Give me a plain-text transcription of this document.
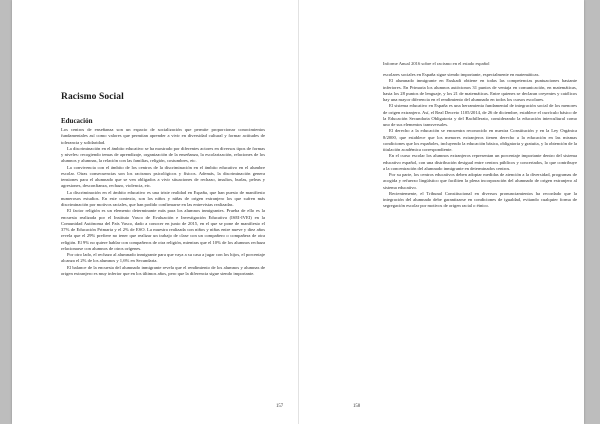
Racismo Social
Educación

Los centros de enseñanza son un espacio de socialización que permite proporcionar conocimientos fundamentales así como valores que permitan aprender a vivir en diversidad cultural y formar actitudes de tolerancia y solidaridad.

La discriminación en el ámbito educativo se ha mostrado por diferentes actores en diversos tipos de formas y niveles: recogiendo temas de aprendizaje, organización de la enseñanza, la escolarización, relaciones de los alumnos y alumnas, la relación con las familias, religión, costumbres, etc.

La convivencia con el ámbito de los centros de la discriminación en el ámbito educativo en el alumbre escolar. Otras consecuencias son los racismos psicológicos y físicos. Además, la discriminación genera tensiones para el alumnado que se ven obligados a vivir situaciones de rechazo, insultos, burlas, peleas y agresiones, desconfianza, rechazo, violencia, etc.

La discriminación en el ámbito educativo es una triste realidad en España, que han puesto de manifiesto numerosos estudios. En este contexto, son los niños y niñas de origen extranjero los que sufren más discriminación por motivos raciales, que han podido confirmarse en las entrevistas realizadas.

El factor religión es un elemento determinante más para los alumnos inmigrantes. Prueba de ello es la encuesta realizada por el Instituto Vasco de Evaluación e Investigación Educativa (ISEI-IVEI) en la Comunidad Autónoma del País Vasco, dado a conocer en junio de 2015, en el que se pone de manifiesto el 37% de Educación Primaria y el 2% de ESO. La muestra realizada con niños y niñas entre nueve y diez años revela que el 29% prefiere no tener que realizar un trabajo de clase con un compañero o compañera de otra religión. El 9% no quiere hablar con compañeros de otra religión, mientras que el 10% de los alumnos rechaza relacionarse con alumnos de otros orígenes.

Por otro lado, el rechazo al alumnado inmigrante para que vaya a su casa a jugar con los hijos, el porcentaje alcanza el 2% de los alumnos y 1,6% en Secundaria.

El balance de la encuesta del alumnado inmigrante revela que el rendimiento de los alumnos y alumnas de origen extranjero es muy inferior que en los últimos años, pero que la diferencia sigue siendo importante.

157
Informe Anual 2016 sobre el racismo en el estado español

escolares sociales en España sigue siendo importante, especialmente en matemáticas.

El alumnado inmigrante en Euskadi obtiene en todas las competencias puntuaciones bastante inferiores. En Primaria los alumnos autóctonos 31 puntos de ventaja en comunicación, en matemáticas, hasta los 28 puntos de lenguaje, y los 21 de matemáticas. Entre quienes se declaran creyentes y católicos hay una mayor diferencia en el rendimiento del alumnado en todos los cursos escolares.

El sistema educativo en España es una herramienta fundamental de integración social de los menores de origen extranjero. Así, el Real Decreto 1105/2014, de 26 de diciembre, establece el currículo básico de la Educación Secundaria Obligatoria y del Bachillerato, considerando la educación intercultural como uno de sus elementos transversales.

El derecho a la educación se encuentra reconocido en nuestra Constitución y en la Ley Orgánica 8/2000, que establece que los menores extranjeros tienen derecho a la educación en las mismas condiciones que los españoles, incluyendo la educación básica, obligatoria y gratuita, y la obtención de la titulación académica correspondiente.

En el curso escolar los alumnos extranjeros representan un porcentaje importante dentro del sistema educativo español, con una distribución desigual entre centros públicos y concertados, lo que contribuye a la concentración del alumnado inmigrante en determinados centros.

Por su parte, los centros educativos deben adoptar medidas de atención a la diversidad, programas de acogida y refuerzo lingüístico que faciliten la plena incorporación del alumnado de origen extranjero al sistema educativo.

Recientemente, el Tribunal Constitucional en diversos pronunciamientos ha recordado que la integración del alumnado debe garantizarse en condiciones de igualdad, evitando cualquier forma de segregación escolar por motivos de origen racial o étnico.

158
